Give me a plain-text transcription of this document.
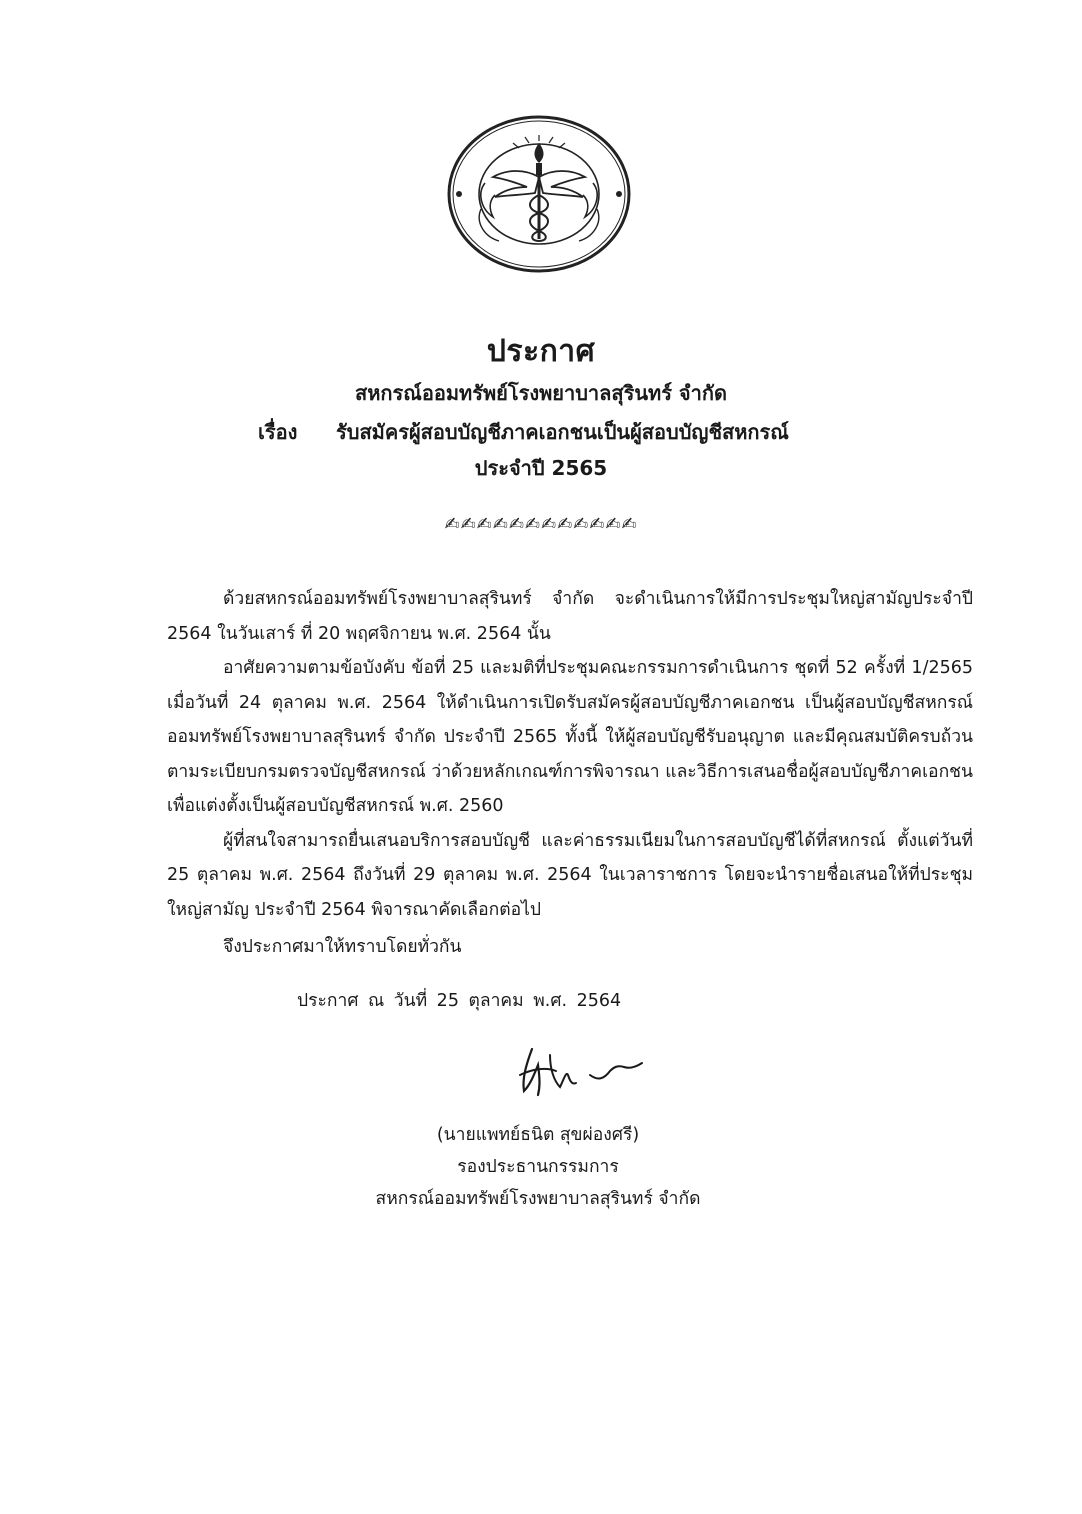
ประกาศ
สหกรณ์ออมทรัพย์โรงพยาบาลสุรินทร์ จำกัด
เรื่อง รับสมัครผู้สอบบัญชีภาคเอกชนเป็นผู้สอบบัญชีสหกรณ์
ประจำปี 2565
✍✍✍✍✍✍✍✍✍✍✍✍

ด้วยสหกรณ์ออมทรัพย์โรงพยาบาลสุรินทร์ จำกัด จะดำเนินการให้มีการประชุมใหญ่สามัญประจำปี 2564 ในวันเสาร์ ที่ 20 พฤศจิกายน พ.ศ. 2564 นั้น

อาศัยความตามข้อบังคับ ข้อที่ 25 และมติที่ประชุมคณะกรรมการดำเนินการ ชุดที่ 52 ครั้งที่ 1/2565 เมื่อวันที่ 24 ตุลาคม พ.ศ. 2564 ให้ดำเนินการเปิดรับสมัครผู้สอบบัญชีภาคเอกชน เป็นผู้สอบบัญชีสหกรณ์ออมทรัพย์โรงพยาบาลสุรินทร์ จำกัด ประจำปี 2565 ทั้งนี้ ให้ผู้สอบบัญชีรับอนุญาต และมีคุณสมบัติครบถ้วน ตามระเบียบกรมตรวจบัญชีสหกรณ์ ว่าด้วยหลักเกณฑ์การพิจารณา และวิธีการเสนอชื่อผู้สอบบัญชีภาคเอกชน เพื่อแต่งตั้งเป็นผู้สอบบัญชีสหกรณ์ พ.ศ. 2560

ผู้ที่สนใจสามารถยื่นเสนอบริการสอบบัญชี และค่าธรรมเนียมในการสอบบัญชีได้ที่สหกรณ์ ตั้งแต่วันที่ 25 ตุลาคม พ.ศ. 2564 ถึงวันที่ 29 ตุลาคม พ.ศ. 2564 ในเวลาราชการ โดยจะนำรายชื่อเสนอให้ที่ประชุมใหญ่สามัญ ประจำปี 2564 พิจารณาคัดเลือกต่อไป

จึงประกาศมาให้ทราบโดยทั่วกัน
ประกาศ ณ วันที่ 25 ตุลาคม พ.ศ. 2564
(นายแพทย์ธนิต สุขผ่องศรี)
รองประธานกรรมการ
สหกรณ์ออมทรัพย์โรงพยาบาลสุรินทร์ จำกัด
